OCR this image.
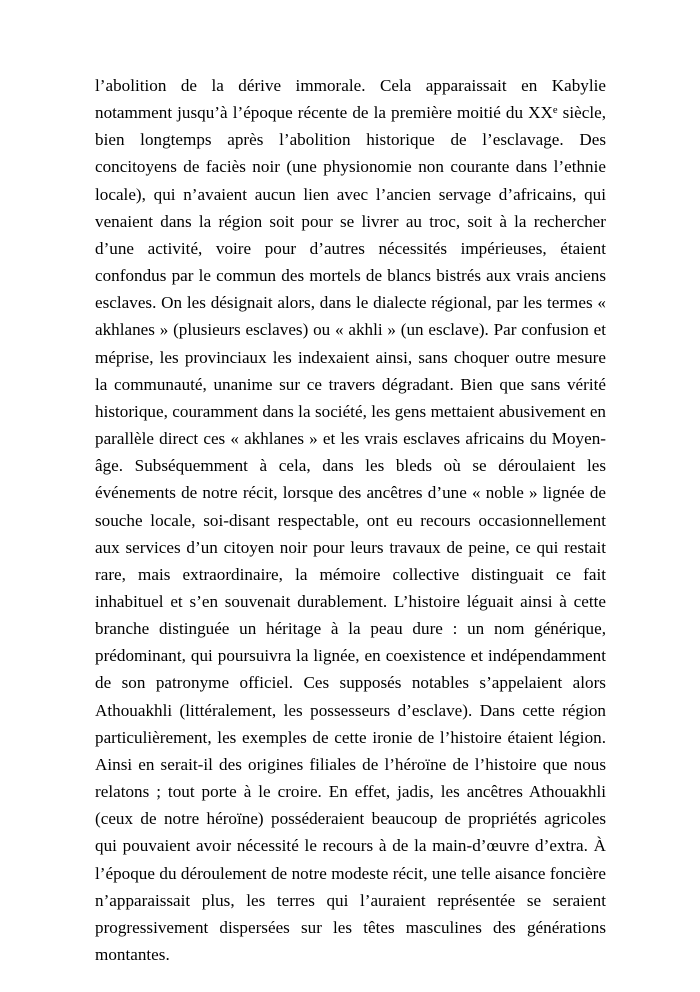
l’abolition de la dérive immorale. Cela apparaissait en Kabylie notamment jusqu’à l’époque récente de la première moitié du XXe siècle, bien longtemps après l’abolition historique de l’esclavage. Des concitoyens de faciès noir (une physionomie non courante dans l’ethnie locale), qui n’avaient aucun lien avec l’ancien servage d’africains, qui venaient dans la région soit pour se livrer au troc, soit à la rechercher d’une activité, voire pour d’autres nécessités impérieuses, étaient confondus par le commun des mortels de blancs bistrés aux vrais anciens esclaves. On les désignait alors, dans le dialecte régional, par les termes « akhlanes » (plusieurs esclaves) ou « akhli » (un esclave). Par confusion et méprise, les provinciaux les indexaient ainsi, sans choquer outre mesure la communauté, unanime sur ce travers dégradant. Bien que sans vérité historique, couramment dans la société, les gens mettaient abusivement en parallèle direct ces « akhlanes » et les vrais esclaves africains du Moyen-âge. Subséquemment à cela, dans les bleds où se déroulaient les événements de notre récit, lorsque des ancêtres d’une « noble » lignée de souche locale, soi-disant respectable, ont eu recours occasionnellement aux services d’un citoyen noir pour leurs travaux de peine, ce qui restait rare, mais extraordinaire, la mémoire collective distinguait ce fait inhabituel et s’en souvenait durablement. L’histoire léguait ainsi à cette branche distinguée un héritage à la peau dure : un nom générique, prédominant, qui poursuivra la lignée, en coexistence et indépendamment de son patronyme officiel. Ces supposés notables s’appelaient alors Athouakhli (littéralement, les possesseurs d’esclave). Dans cette région particulièrement, les exemples de cette ironie de l’histoire étaient légion. Ainsi en serait-il des origines filiales de l’héroïne de l’histoire que nous relatons ; tout porte à le croire. En effet, jadis, les ancêtres Athouakhli (ceux de notre héroïne) posséderaient beaucoup de propriétés agricoles qui pouvaient avoir nécessité le recours à de la main-d’œuvre d’extra. À l’époque du déroulement de notre modeste récit, une telle aisance foncière n’apparaissait plus, les terres qui l’auraient représentée se seraient progressivement dispersées sur les têtes masculines des générations montantes.
